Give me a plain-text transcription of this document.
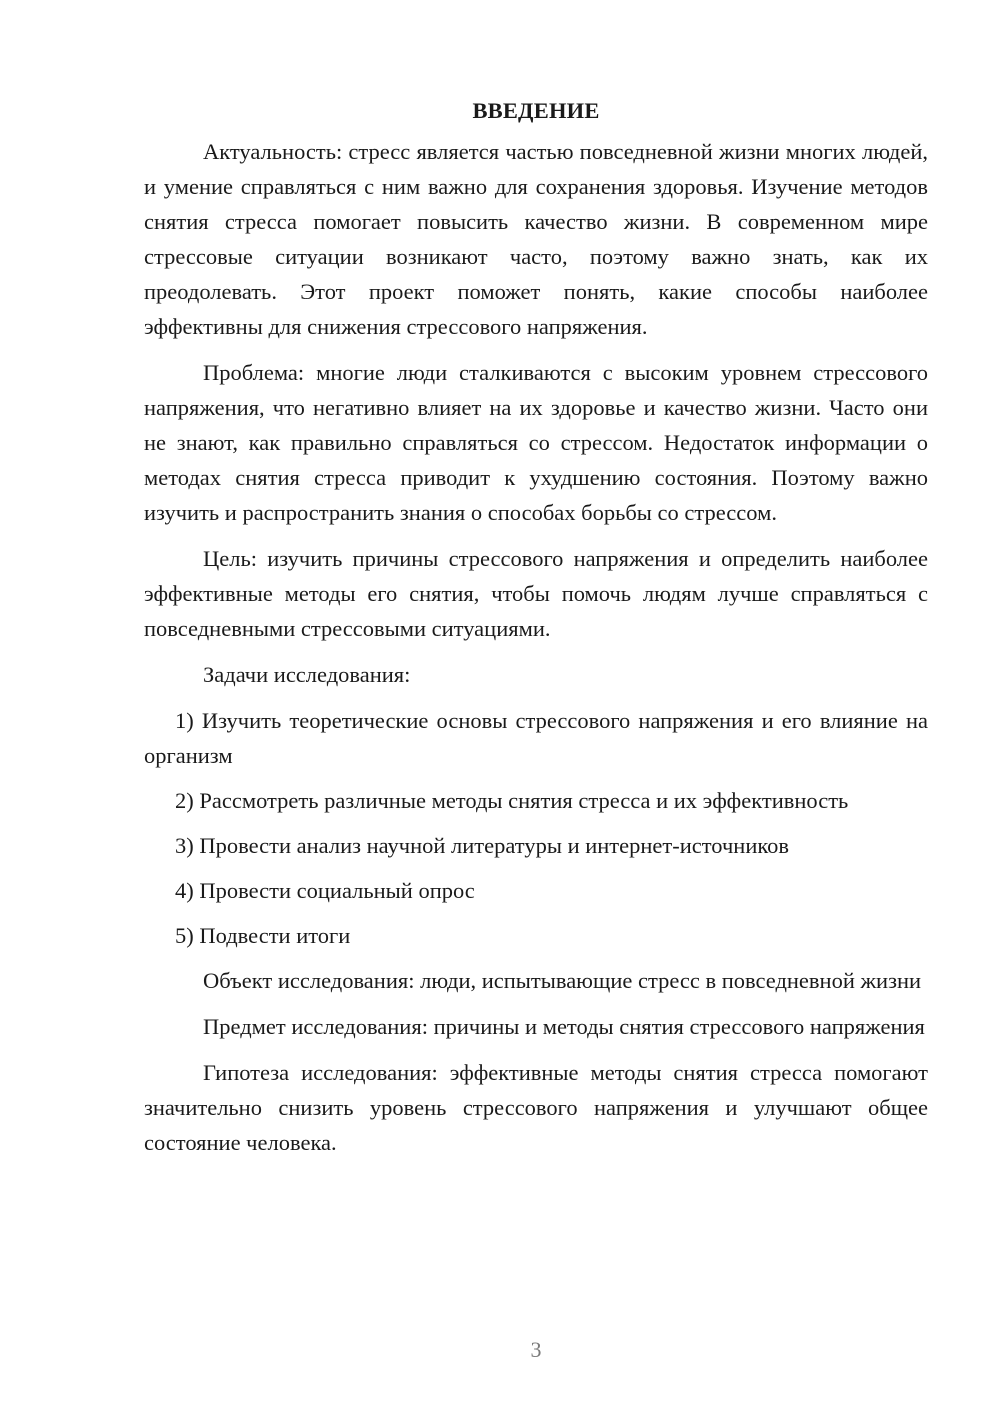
ВВЕДЕНИЕ

Актуальность: стресс является частью повседневной жизни многих людей, и умение справляться с ним важно для сохранения здоровья. Изучение методов снятия стресса помогает повысить качество жизни. В современном мире стрессовые ситуации возникают часто, поэтому важно знать, как их преодолевать. Этот проект поможет понять, какие способы наиболее эффективны для снижения стрессового напряжения.

Проблема: многие люди сталкиваются с высоким уровнем стрессового напряжения, что негативно влияет на их здоровье и качество жизни. Часто они не знают, как правильно справляться со стрессом. Недостаток информации о методах снятия стресса приводит к ухудшению состояния. Поэтому важно изучить и распространить знания о способах борьбы со стрессом.

Цель: изучить причины стрессового напряжения и определить наиболее эффективные методы его снятия, чтобы помочь людям лучше справляться с повседневными стрессовыми ситуациями.

Задачи исследования:

1) Изучить теоретические основы стрессового напряжения и его влияние на организм

2) Рассмотреть различные методы снятия стресса и их эффективность

3) Провести анализ научной литературы и интернет-источников

4) Провести социальный опрос

5) Подвести итоги

Объект исследования: люди, испытывающие стресс в повседневной жизни

Предмет исследования: причины и методы снятия стрессового напряжения

Гипотеза исследования: эффективные методы снятия стресса помогают значительно снизить уровень стрессового напряжения и улучшают общее состояние человека.

3
